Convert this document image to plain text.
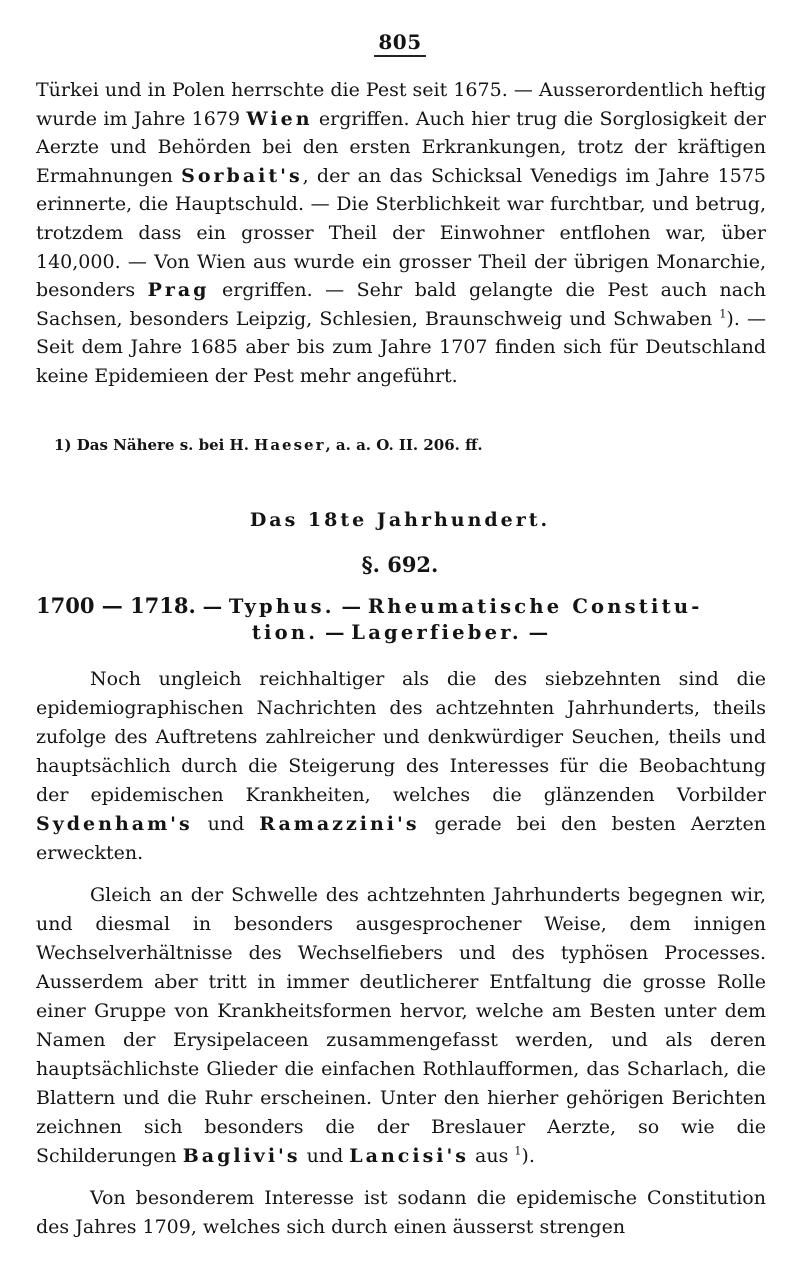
805

Türkei und in Polen herrschte die Pest seit 1675. — Ausserordentlich heftig wurde im Jahre 1679 Wien ergriffen. Auch hier trug die Sorglosigkeit der Aerzte und Behörden bei den ersten Erkrankungen, trotz der kräftigen Ermahnungen Sorbait's, der an das Schicksal Venedigs im Jahre 1575 erinnerte, die Hauptschuld. — Die Sterblichkeit war furchtbar, und betrug, trotzdem dass ein grosser Theil der Einwohner entflohen war, über 140,000. — Von Wien aus wurde ein grosser Theil der übrigen Monarchie, besonders Prag ergriffen. — Sehr bald gelangte die Pest auch nach Sachsen, besonders Leipzig, Schlesien, Braunschweig und Schwaben $^1$). — Seit dem Jahre 1685 aber bis zum Jahre 1707 finden sich für Deutschland keine Epidemieen der Pest mehr angeführt.

1) Das Nähere s. bei H. Haeser, a. a. O. II. 206. ff.

Das 18te Jahrhundert.
§. 692.

1700 — 1718. — Typhus. — Rheumatische Constitu-

tion. — Lagerfieber. —

Noch ungleich reichhaltiger als die des siebzehnten sind die epidemiographischen Nachrichten des achtzehnten Jahrhunderts, theils zufolge des Auftretens zahlreicher und denkwürdiger Seuchen, theils und hauptsächlich durch die Steigerung des Interesses für die Beobachtung der epidemischen Krankheiten, welches die glänzenden Vorbilder Sydenham's und Ramazzini's gerade bei den besten Aerzten erweckten.

Gleich an der Schwelle des achtzehnten Jahrhunderts begegnen wir, und diesmal in besonders ausgesprochener Weise, dem innigen Wechselverhältnisse des Wechselfiebers und des typhösen Processes. Ausserdem aber tritt in immer deutlicherer Entfaltung die grosse Rolle einer Gruppe von Krankheitsformen hervor, welche am Besten unter dem Namen der Erysipelaceen zusammengefasst werden, und als deren hauptsächlichste Glieder die einfachen Rothlaufformen, das Scharlach, die Blattern und die Ruhr erscheinen. Unter den hierher gehörigen Berichten zeichnen sich besonders die der Breslauer Aerzte, so wie die Schilderungen Baglivi's und Lancisi's aus $^1$).

Von besonderem Interesse ist sodann die epidemische Constitution des Jahres 1709, welches sich durch einen äusserst strengen
